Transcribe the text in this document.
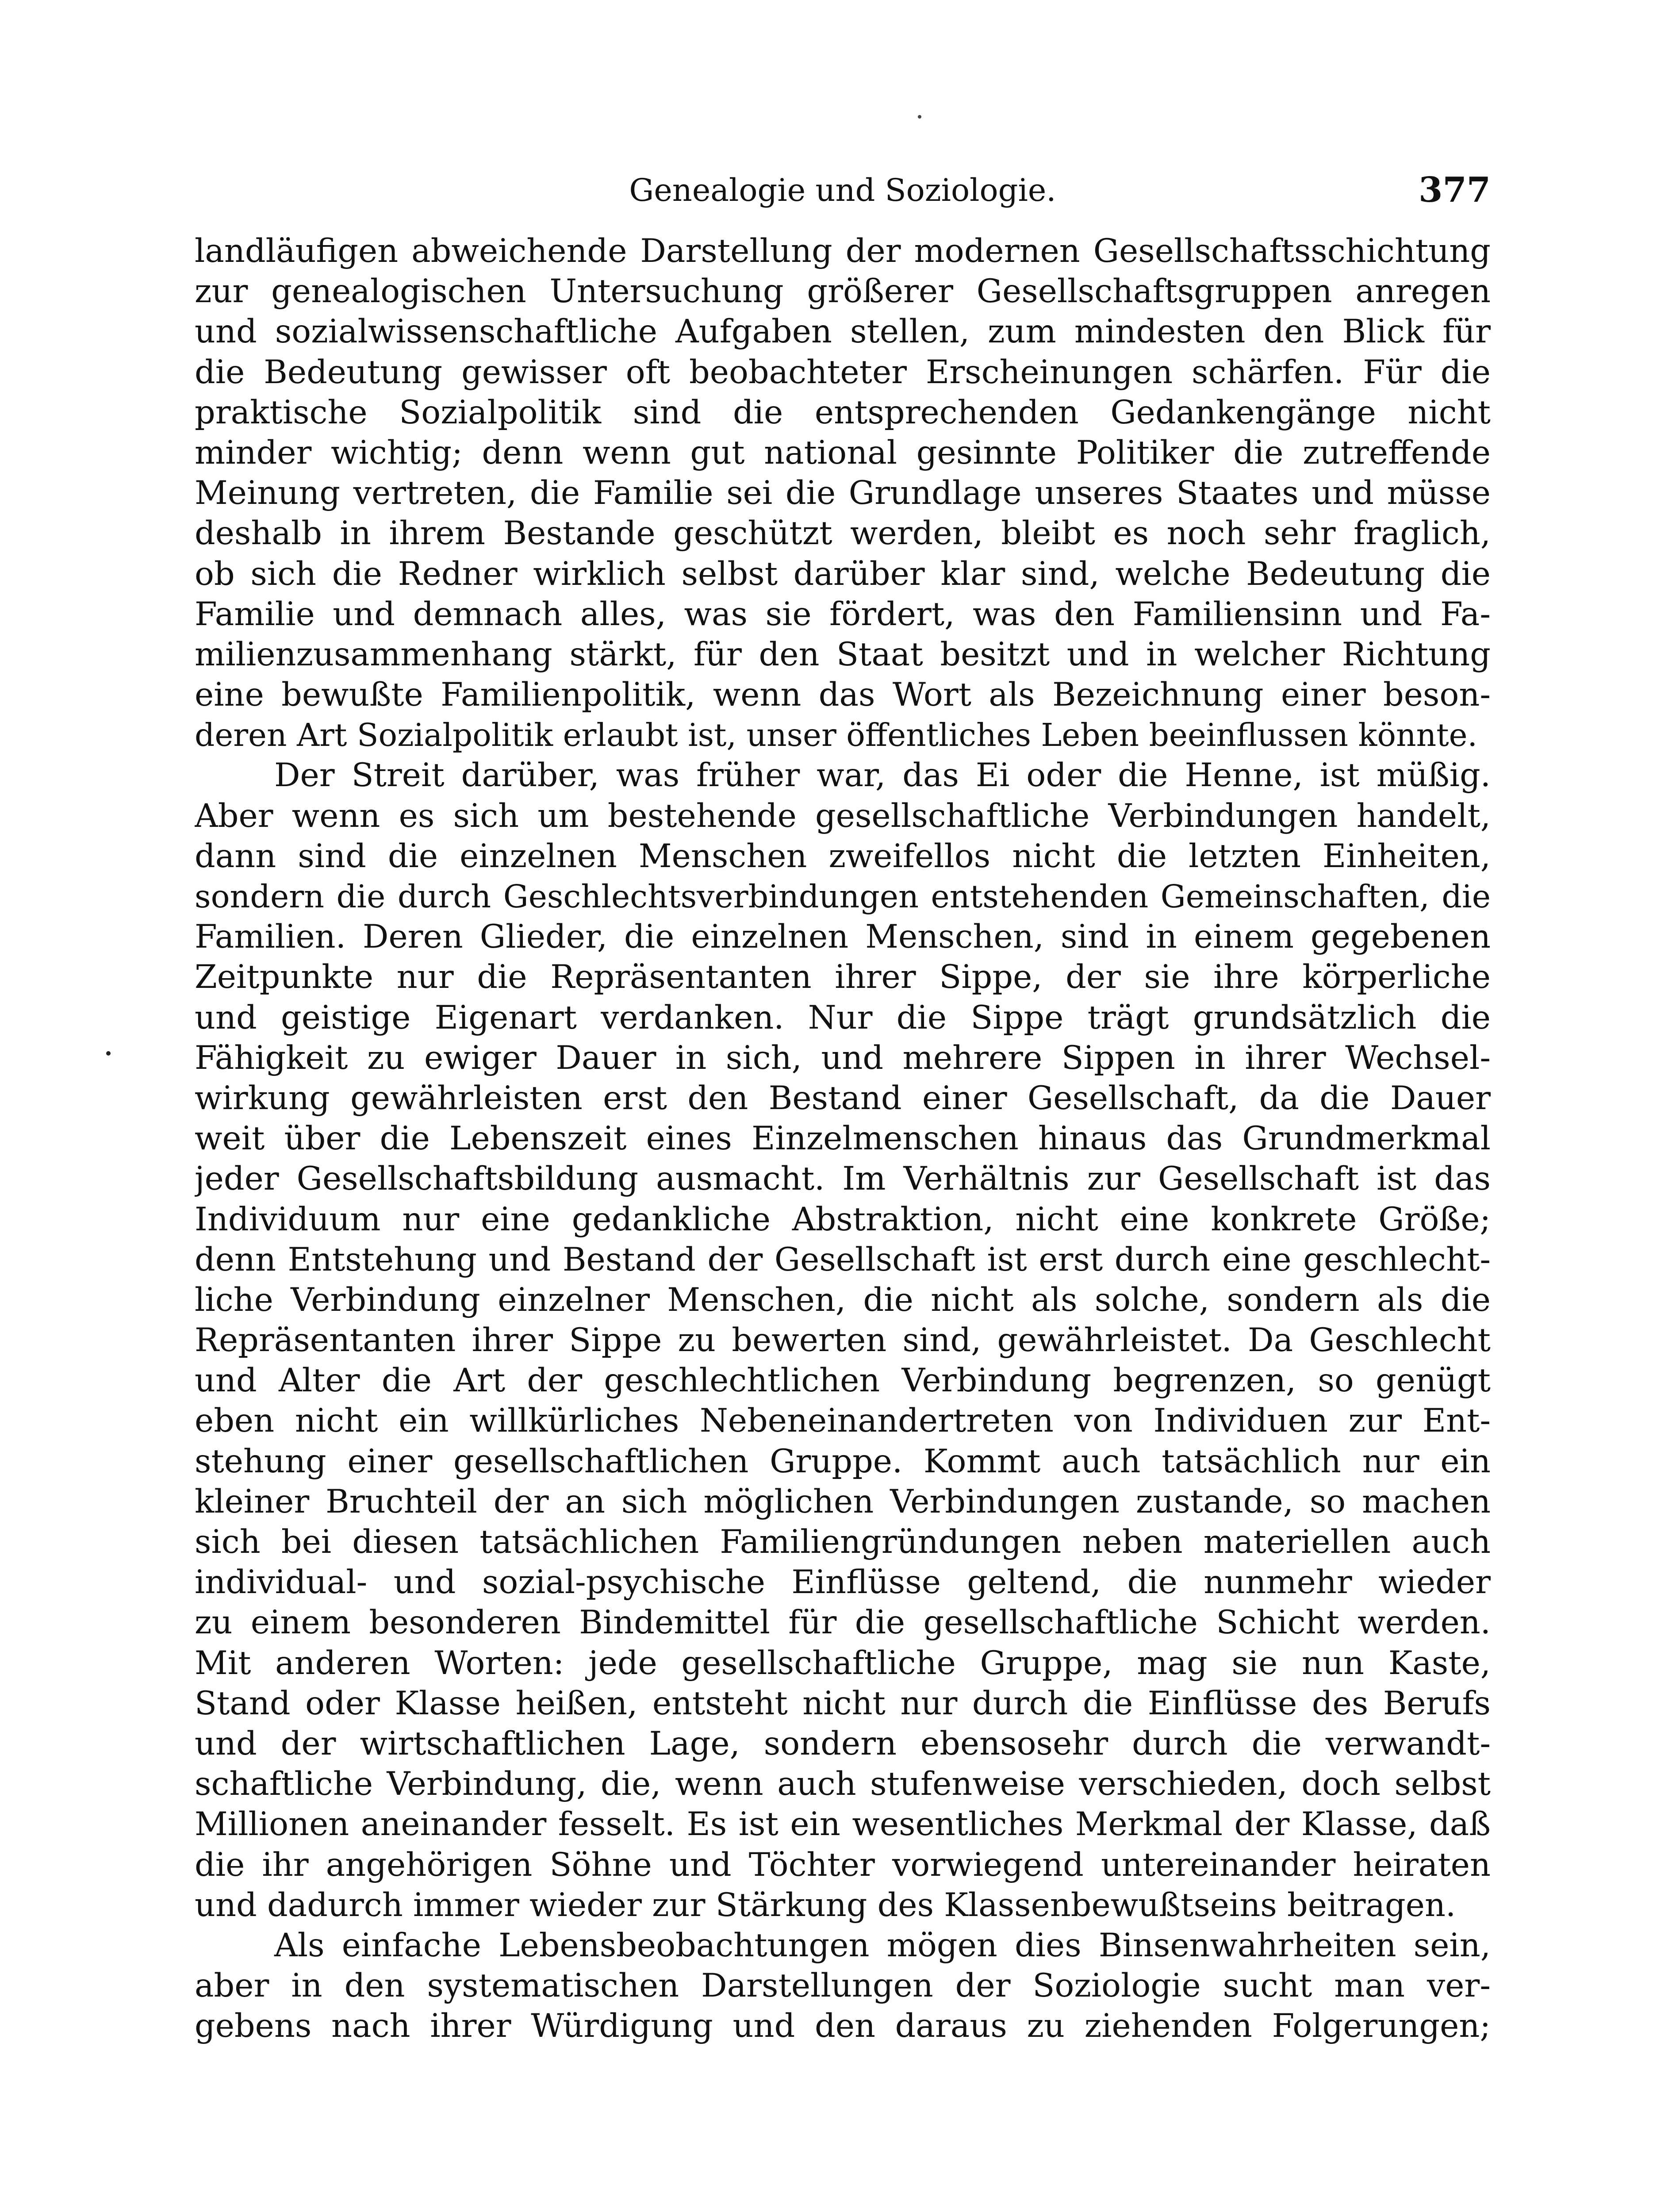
Genealogie und Soziologie.	377
landläufigen abweichende Darstellung der modernen Gesellschaftsschichtung
zur genealogischen Untersuchung größerer Gesellschaftsgruppen anregen
und sozialwissenschaftliche Aufgaben stellen, zum mindesten den Blick für
die Bedeutung gewisser oft beobachteter Erscheinungen schärfen. Für die
praktische Sozialpolitik sind die entsprechenden Gedankengänge nicht
minder wichtig; denn wenn gut national gesinnte Politiker die zutreffende
Meinung vertreten, die Familie sei die Grundlage unseres Staates und müsse
deshalb in ihrem Bestande geschützt werden, bleibt es noch sehr fraglich,
ob sich die Redner wirklich selbst darüber klar sind, welche Bedeutung die
Familie und demnach alles, was sie fördert, was den Familiensinn und Fa-
milienzusammenhang stärkt, für den Staat besitzt und in welcher Richtung
eine bewußte Familienpolitik, wenn das Wort als Bezeichnung einer beson-
deren Art Sozialpolitik erlaubt ist, unser öffentliches Leben beeinflussen könnte.
Der Streit darüber, was früher war, das Ei oder die Henne, ist müßig.
Aber wenn es sich um bestehende gesellschaftliche Verbindungen handelt,
dann sind die einzelnen Menschen zweifellos nicht die letzten Einheiten,
sondern die durch Geschlechtsverbindungen entstehenden Gemeinschaften, die
Familien. Deren Glieder, die einzelnen Menschen, sind in einem gegebenen
Zeitpunkte nur die Repräsentanten ihrer Sippe, der sie ihre körperliche
und geistige Eigenart verdanken. Nur die Sippe trägt grundsätzlich die
Fähigkeit zu ewiger Dauer in sich, und mehrere Sippen in ihrer Wechsel-
wirkung gewährleisten erst den Bestand einer Gesellschaft, da die Dauer
weit über die Lebenszeit eines Einzelmenschen hinaus das Grundmerkmal
jeder Gesellschaftsbildung ausmacht. Im Verhältnis zur Gesellschaft ist das
Individuum nur eine gedankliche Abstraktion, nicht eine konkrete Größe;
denn Entstehung und Bestand der Gesellschaft ist erst durch eine geschlecht-
liche Verbindung einzelner Menschen, die nicht als solche, sondern als die
Repräsentanten ihrer Sippe zu bewerten sind, gewährleistet. Da Geschlecht
und Alter die Art der geschlechtlichen Verbindung begrenzen, so genügt
eben nicht ein willkürliches Nebeneinandertreten von Individuen zur Ent-
stehung einer gesellschaftlichen Gruppe. Kommt auch tatsächlich nur ein
kleiner Bruchteil der an sich möglichen Verbindungen zustande, so machen
sich bei diesen tatsächlichen Familiengründungen neben materiellen auch
individual- und sozial-psychische Einflüsse geltend, die nunmehr wieder
zu einem besonderen Bindemittel für die gesellschaftliche Schicht werden.
Mit anderen Worten: jede gesellschaftliche Gruppe, mag sie nun Kaste,
Stand oder Klasse heißen, entsteht nicht nur durch die Einflüsse des Berufs
und der wirtschaftlichen Lage, sondern ebensosehr durch die verwandt-
schaftliche Verbindung, die, wenn auch stufenweise verschieden, doch selbst
Millionen aneinander fesselt. Es ist ein wesentliches Merkmal der Klasse, daß
die ihr angehörigen Söhne und Töchter vorwiegend untereinander heiraten
und dadurch immer wieder zur Stärkung des Klassenbewußtseins beitragen.
Als einfache Lebensbeobachtungen mögen dies Binsenwahrheiten sein,
aber in den systematischen Darstellungen der Soziologie sucht man ver-
gebens nach ihrer Würdigung und den daraus zu ziehenden Folgerungen;
